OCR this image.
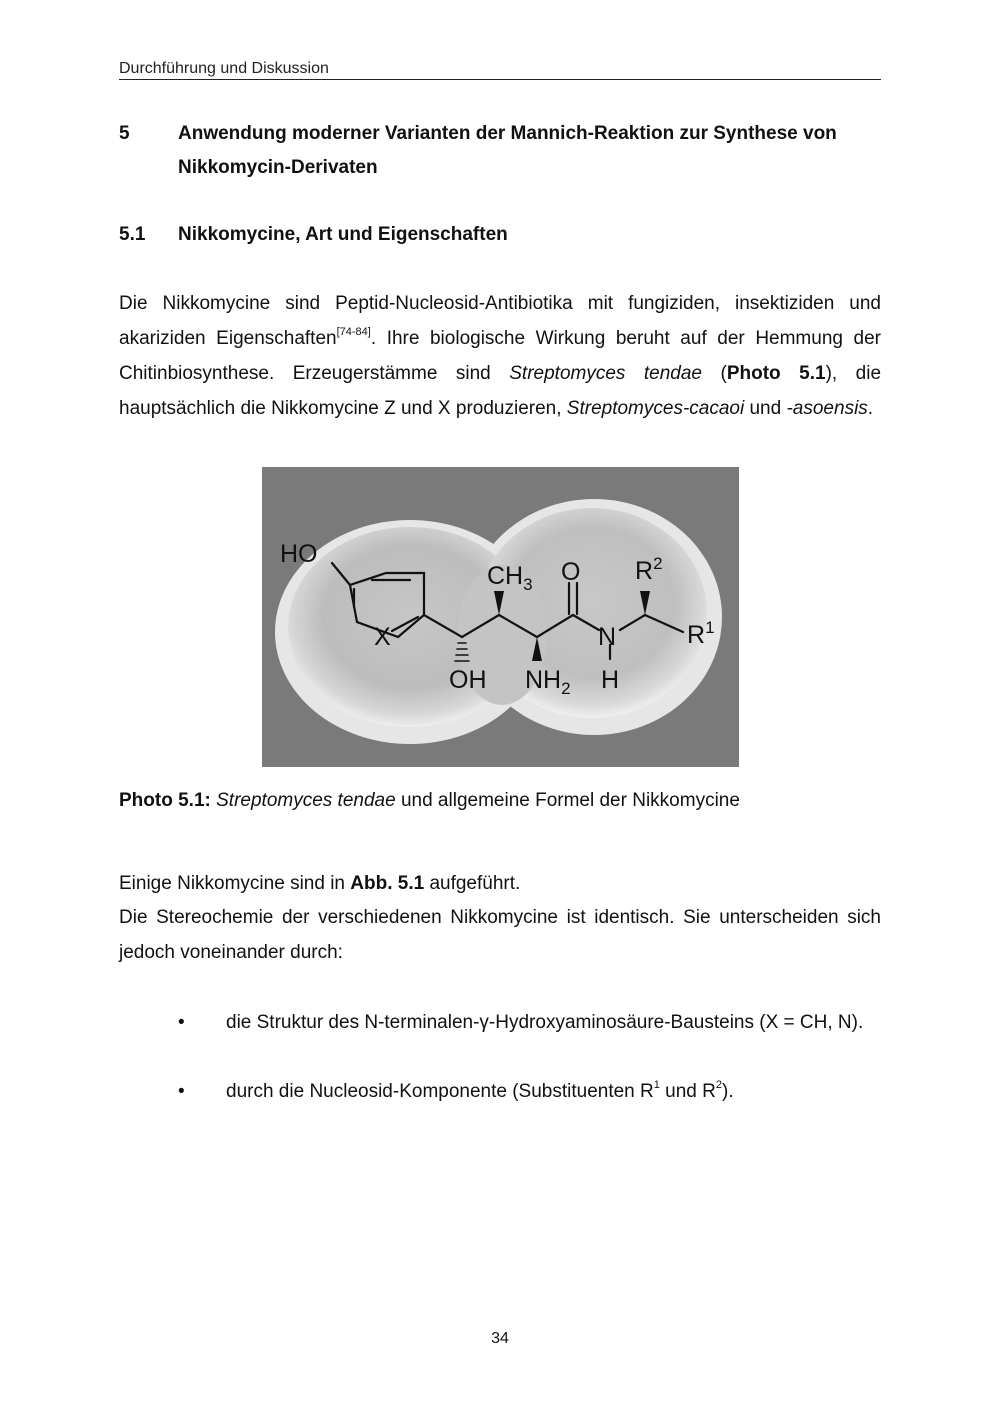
Durchführung und Diskussion
5	Anwendung moderner Varianten der Mannich-Reaktion zur Synthese von Nikkomycin-Derivaten
5.1 Nikkomycine, Art und Eigenschaften

Die Nikkomycine sind Peptid-Nucleosid-Antibiotika mit fungiziden, insektiziden und akariziden Eigenschaften[74-84]. Ihre biologische Wirkung beruht auf der Hemmung der Chitinbiosynthese. Erzeugerstämme sind Streptomyces tendae (Photo 5.1), die hauptsächlich die Nikkomycine Z und X produzieren, Streptomyces-cacaoi und -asoensis.

HO
X
$CH_3$ O $R^2$
N	$R^1$
OH $NH_2$ H
Photo 5.1: Streptomyces tendae und allgemeine Formel der Nikkomycine

Einige Nikkomycine sind in Abb. 5.1 aufgeführt.

Die Stereochemie der verschiedenen Nikkomycine ist identisch. Sie unterscheiden sich jedoch voneinander durch:

• die Struktur des N-terminalen-γ-Hydroxyaminosäure-Bausteins (X = CH, N).
• durch die Nucleosid-Komponente (Substituenten $R^1$ und $R^2$).
34
